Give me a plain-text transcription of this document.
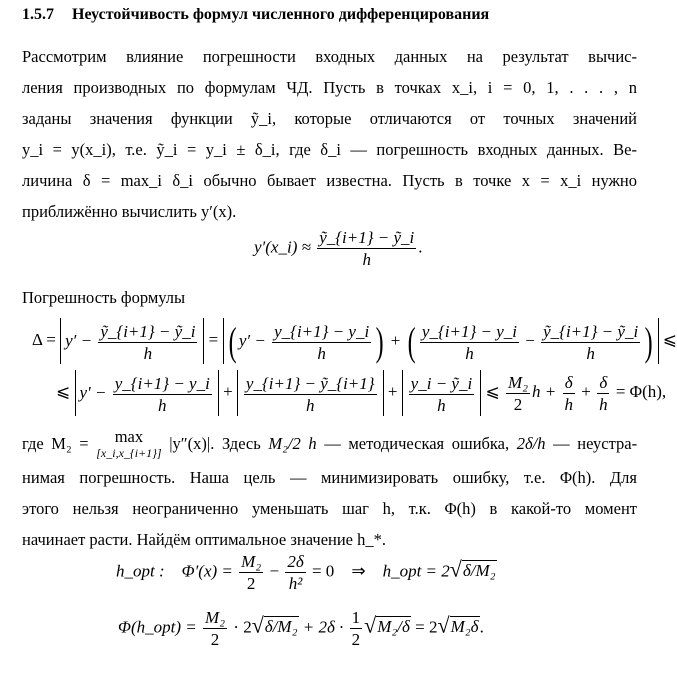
1.5.7 Неустойчивость формул численного дифференцирования
Рассмотрим влияние погрешности входных данных на результат вычис-
ления производных по формулам ЧД. Пусть в точках x_i, i = 0, 1, . . . , n
заданы значения функции ỹ_i, которые отличаются от точных значений
y_i = y(x_i), т.е. ỹ_i = y_i ± δ_i, где δ_i — погрешность входных данных. Ве-
личина δ = max_i δ_i обычно бывает известна. Пусть в точке x = x_i нужно
приближённо вычислить y′(x).
y′(x_i) ≈ $\frac{\text{ỹ\_\{i+1\} − ỹ\_i}}{h}$ .
Погрешность формулы
$\Delta = y' - \frac{\text{ỹ\_\{i+1\} − ỹ\_i}}{h}$ = ( $y' - \frac{y\_\{i+1\} - y\_i}{h}$ ) + ( $\frac{y\_\{i+1\} - y\_i}{h} - \frac{\text{ỹ\_\{i+1\} − ỹ\_i}}{h}$ ) ⩽
⩽ $y' - \frac{y\_\{i+1\} - y\_i}{h} + \frac{\text{y\_\{i+1\} − ỹ\_\{i+1\}}}{h} + \frac{\text{y\_i − ỹ\_i}}{h}$ ⩽ $\frac{\text{M₂}}{2}$ $h + \frac{\delta}{h} + \frac{\delta}{h} = \Phi(h)$,
где M₂ = max
[x_i,x_{i+1}] |y″(x)|. Здесь M₂/2 h — методическая ошибка, 2δ/h — неустра-
нимая погрешность. Наша цель — минимизировать ошибку, т.е. Φ(h). Для
этого нельзя неограниченно уменьшать шаг h, т.к. Φ(h) в какой-то момент
начинает расти. Найдём оптимальное значение h_*.
h_opt : $\Phi'(x) = \frac{\text{M₂}}{2} - \frac{2\delta}{\text{h²}} = 0$ ⇒ h_opt = 2√δ/M₂
Φ(h_opt) = $\frac{\text{M₂}}{2} \cdot 2√\delta/M_2 + 2\delta \cdot \frac{1}{2} √M_2/\delta = 2√M_2\delta$.
